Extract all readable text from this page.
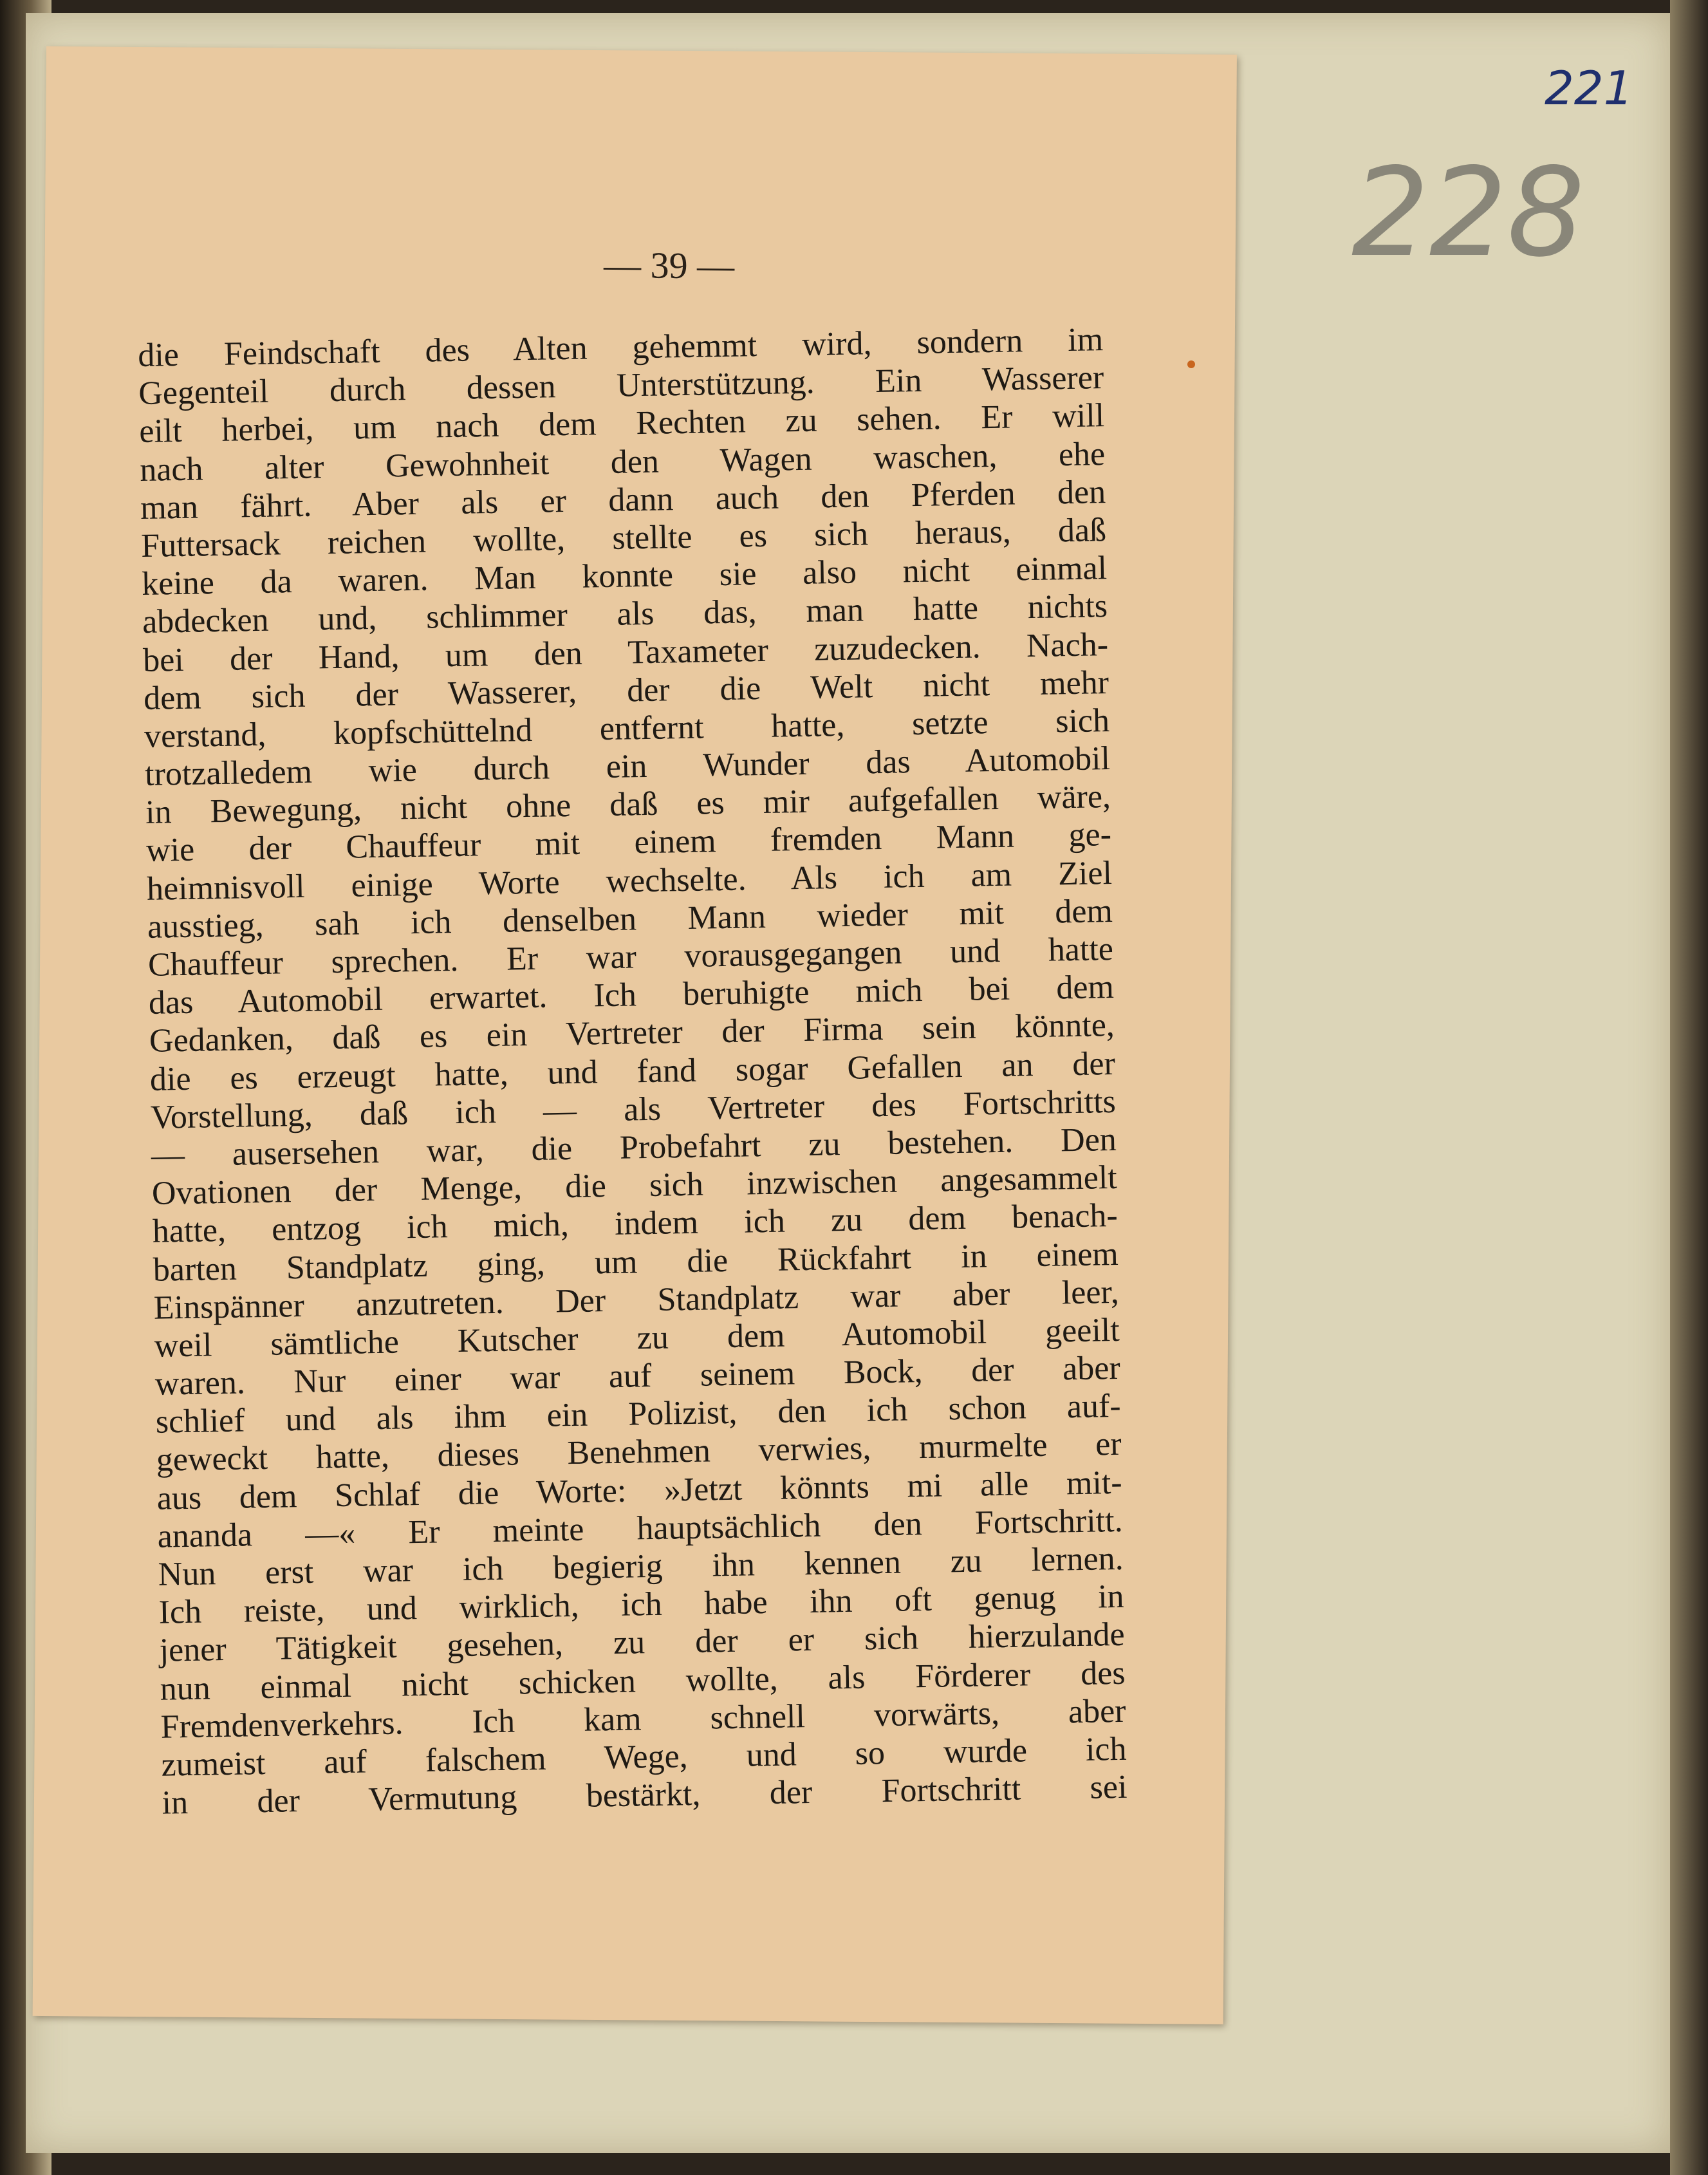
— 39 —
die Feindschaft des Alten gehemmt wird, sondern im
Gegenteil durch dessen Unterstützung. Ein Wasserer
eilt herbei, um nach dem Rechten zu sehen. Er will
nach alter Gewohnheit den Wagen waschen, ehe
man fährt. Aber als er dann auch den Pferden den
Futtersack reichen wollte, stellte es sich heraus, daß
keine da waren. Man konnte sie also nicht einmal
abdecken und, schlimmer als das, man hatte nichts
bei der Hand, um den Taxameter zuzudecken. Nach-
dem sich der Wasserer, der die Welt nicht mehr
verstand, kopfschüttelnd entfernt hatte, setzte sich
trotzalledem wie durch ein Wunder das Automobil
in Bewegung, nicht ohne daß es mir aufgefallen wäre,
wie der Chauffeur mit einem fremden Mann ge-
heimnisvoll einige Worte wechselte. Als ich am Ziel
ausstieg, sah ich denselben Mann wieder mit dem
Chauffeur sprechen. Er war vorausgegangen und hatte
das Automobil erwartet. Ich beruhigte mich bei dem
Gedanken, daß es ein Vertreter der Firma sein könnte,
die es erzeugt hatte, und fand sogar Gefallen an der
Vorstellung, daß ich — als Vertreter des Fortschritts
— ausersehen war, die Probefahrt zu bestehen. Den
Ovationen der Menge, die sich inzwischen angesammelt
hatte, entzog ich mich, indem ich zu dem benach-
barten Standplatz ging, um die Rückfahrt in einem
Einspänner anzutreten. Der Standplatz war aber leer,
weil sämtliche Kutscher zu dem Automobil geeilt
waren. Nur einer war auf seinem Bock, der aber
schlief und als ihm ein Polizist, den ich schon auf-
geweckt hatte, dieses Benehmen verwies, murmelte er
aus dem Schlaf die Worte: »Jetzt könnts mi alle mit-
ananda —« Er meinte hauptsächlich den Fortschritt.
Nun erst war ich begierig ihn kennen zu lernen.
Ich reiste, und wirklich, ich habe ihn oft genug in
jener Tätigkeit gesehen, zu der er sich hierzulande
nun einmal nicht schicken wollte, als Förderer des
Fremdenverkehrs. Ich kam schnell vorwärts, aber
zumeist auf falschem Wege, und so wurde ich
in der Vermutung bestärkt, der Fortschritt sei
221
228
